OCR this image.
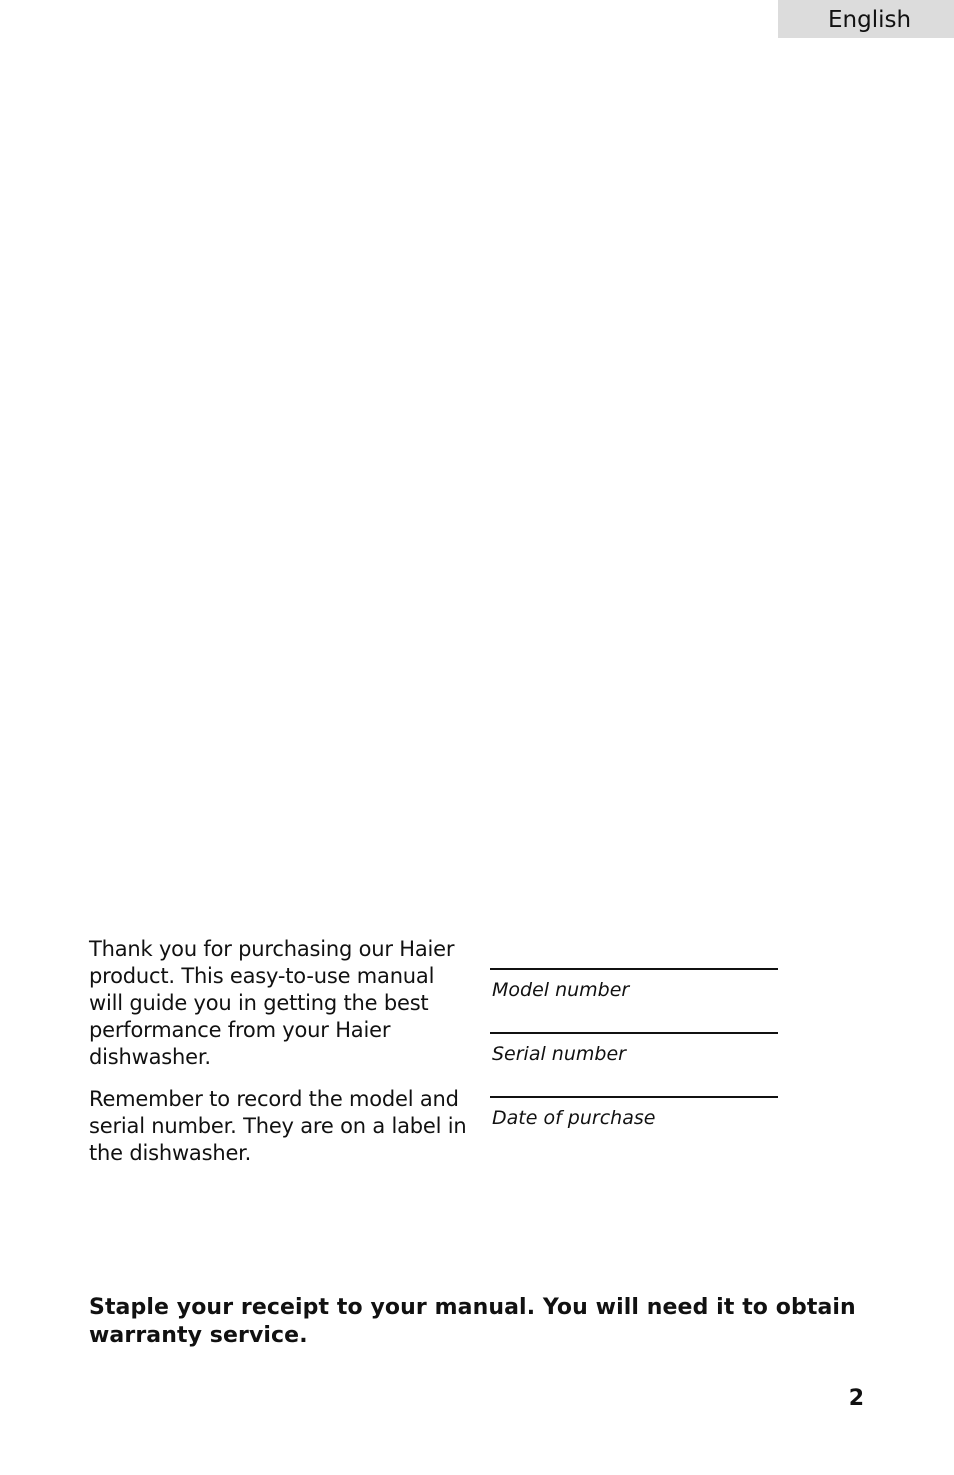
English

Thank you for purchasing our Haier product. This easy-to-use manual will guide you in getting the best performance from your Haier dishwasher.

Remember to record the model and serial number. They are on a label in the dishwasher.

Model number
Serial number
Date of purchase
Staple your receipt to your manual. You will need it to obtain warranty service.
2
